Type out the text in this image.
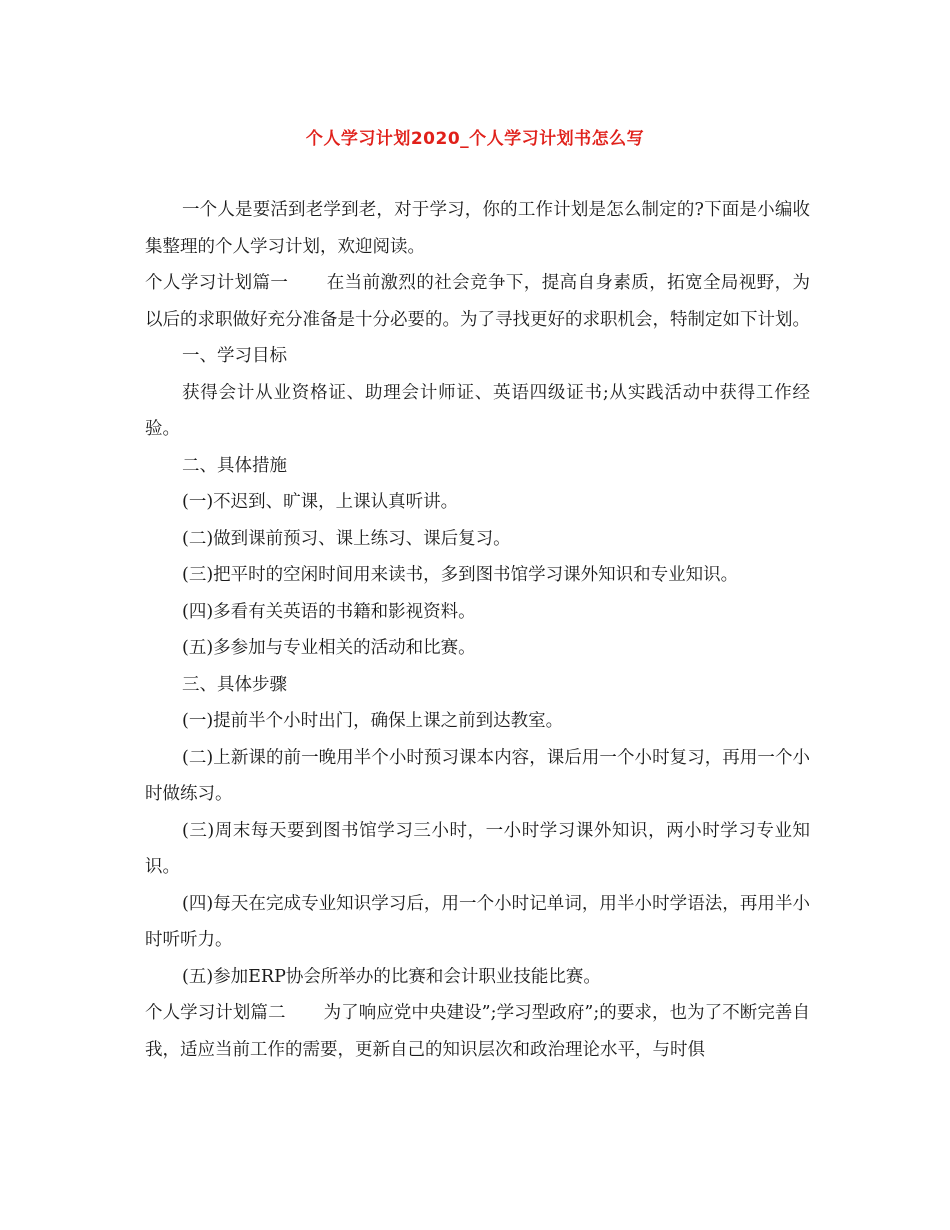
个人学习计划2020_个人学习计划书怎么写

一个人是要活到老学到老，对于学习，你的工作计划是怎么制定的?下面是小编收集整理的个人学习计划，欢迎阅读。

个人学习计划篇一 在当前激烈的社会竞争下，提高自身素质，拓宽全局视野，为以后的求职做好充分准备是十分必要的。为了寻找更好的求职机会，特制定如下计划。

一、学习目标

获得会计从业资格证、助理会计师证、英语四级证书;从实践活动中获得工作经验。

二、具体措施

(一)不迟到、旷课，上课认真听讲。

(二)做到课前预习、课上练习、课后复习。

(三)把平时的空闲时间用来读书，多到图书馆学习课外知识和专业知识。

(四)多看有关英语的书籍和影视资料。

(五)多参加与专业相关的活动和比赛。

三、具体步骤

(一)提前半个小时出门，确保上课之前到达教室。

(二)上新课的前一晚用半个小时预习课本内容，课后用一个小时复习，再用一个小时做练习。

(三)周末每天要到图书馆学习三小时，一小时学习课外知识，两小时学习专业知识。

(四)每天在完成专业知识学习后，用一个小时记单词，用半小时学语法，再用半小时听听力。

(五)参加ERP协会所举办的比赛和会计职业技能比赛。

个人学习计划篇二 为了响应党中央建设”;学习型政府”;的要求，也为了不断完善自我，适应当前工作的需要，更新自己的知识层次和政治理论水平，与时俱
